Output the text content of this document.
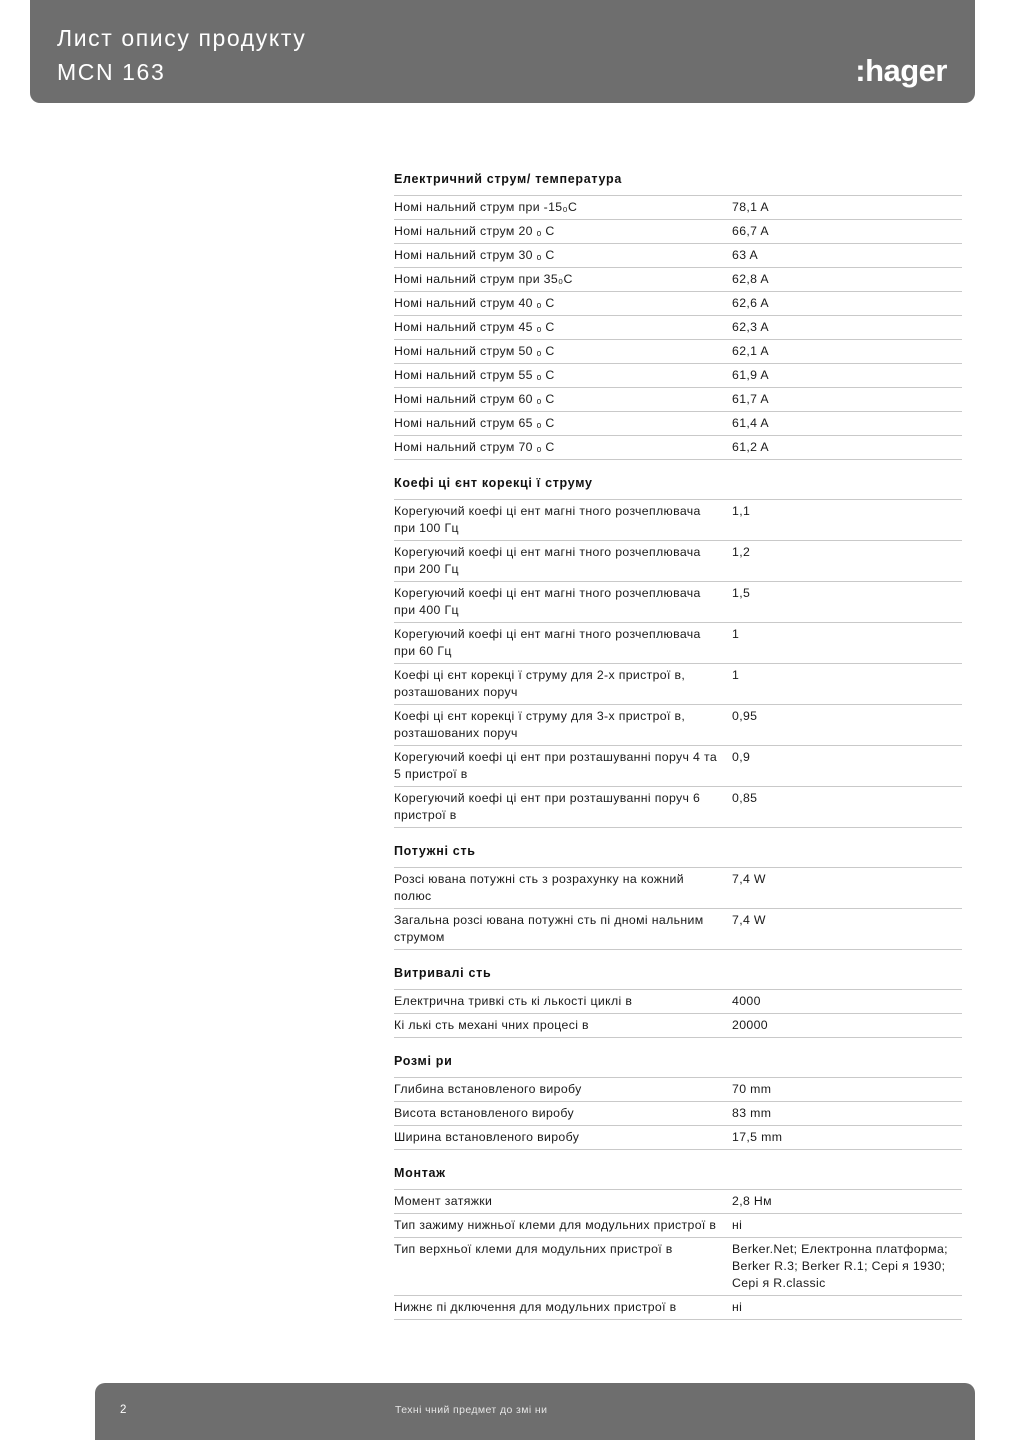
Лист опису продукту
MCN 163	:hager
Електричний струм/ температура
Номі нальний струм при -15₀C	78,1 A
Номі нальний струм 20 ₒ C	66,7 A
Номі нальний струм 30 ₒ C	63 A
Номі нальний струм при 35₀C	62,8 A
Номі нальний струм 40 ₒ C	62,6 A
Номі нальний струм 45 ₒ C	62,3 A
Номі нальний струм 50 ₒ C	62,1 A
Номі нальний струм 55 ₒ C	61,9 A
Номі нальний струм 60 ₒ C	61,7 A
Номі нальний струм 65 ₒ C	61,4 A
Номі нальний струм 70 ₒ C	61,2 A
Коефі ці єнт корекці ї струму
Корегуючий коефі ці ент магні тного розчеплювача при 100 Гц	1,1
Корегуючий коефі ці ент магні тного розчеплювача при 200 Гц	1,2
Корегуючий коефі ці ент магні тного розчеплювача при 400 Гц	1,5
Корегуючий коефі ці ент магні тного розчеплювача при 60 Гц	1
Коефі ці єнт корекці ї струму для 2-х пристрої в, розташованих поруч	1
Коефі ці єнт корекці ї струму для 3-х пристрої в, розташованих поруч	0,95
Корегуючий коефі ці ент при розташуванні поруч 4 та 5 пристрої в	0,9
Корегуючий коефі ці ент при розташуванні поруч 6 пристрої в	0,85
Потужні сть
Розсі ювана потужні сть з розрахунку на кожний полюс	7,4 W
Загальна розсі ювана потужні сть пі дномі нальним струмом	7,4 W
Витривалі сть
Електрична тривкі сть кі лькості циклі в	4000
Кі лькі сть механі чних процесі в	20000
Розмі ри
Глибина встановленого виробу	70 mm
Висота встановленого виробу	83 mm
Ширина встановленого виробу	17,5 mm
Монтаж
Момент затяжки	2,8 Нм
Тип зажиму нижньої клеми для модульних пристрої в	ні
Тип верхньої клеми для модульних пристрої в	Berker.Net; Електронна платформа; Berker R.3; Berker R.1; Cepi я 1930; Cepi я R.classic
Нижнє пі дключення для модульних пристрої в	ні
2	Техні чний предмет до змі ни
